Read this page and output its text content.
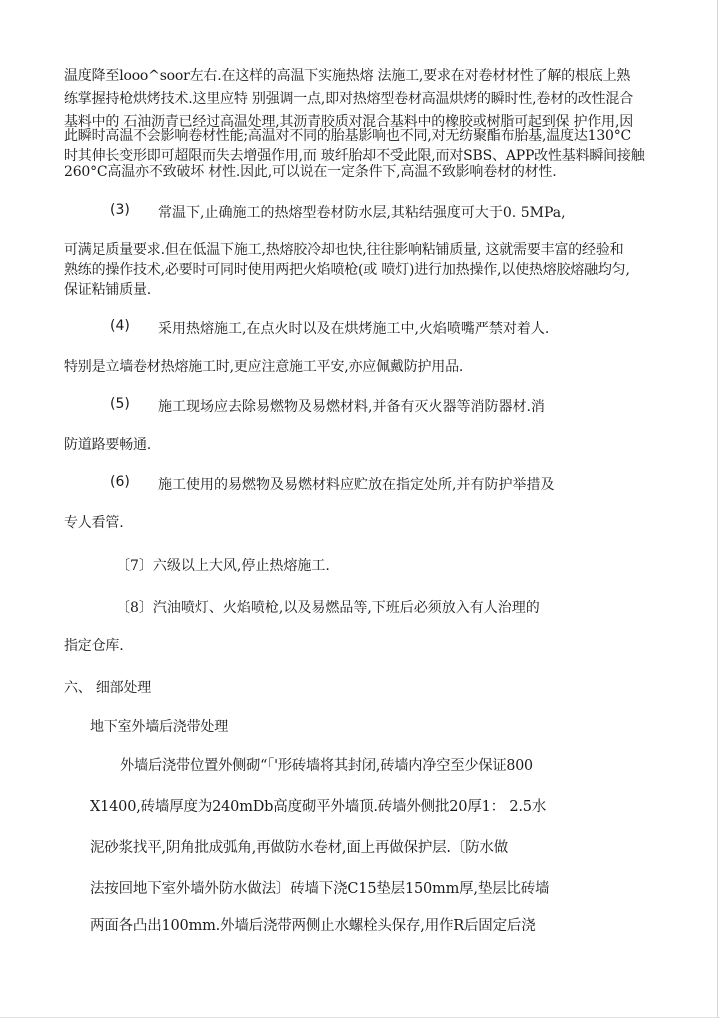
温度降至looo^soor左右.在这样的高温下实施热熔 法施工,要求在对卷材材性了解的根底上熟
练掌握持枪烘烤技术.这里应特 别强调一点,即对热熔型卷材高温烘烤的瞬时性,卷材的改性混合
基料中的 石油沥青已经过高温处理,其沥青胶质对混合基料中的橡胶或树脂可起到保 护作用,因
此瞬时高温不会影响卷材性能;高温对不同的胎基影响也不同,对无纺聚酯布胎基,温度达130°C
时其伸长变形即可超限而失去增强作用,而 玻纤胎却不受此限,而对SBS、APP改性基料瞬间接触
260°C高温亦不致破坏 材性.因此,可以说在一定条件下,高温不致影响卷材的材性.
(3) 常温下,止确施工的热熔型卷材防水层,其粘结强度可大于0. 5MPa,
可满足质量要求.但在低温下施工,热熔胶冷却也快,往往影响粘铺质量, 这就需要丰富的经验和
熟练的操作技术,必要时可同时使用两把火焰喷枪(或 喷灯)进行加热操作,以使热熔胶熔融均匀,
保证粘铺质量.
(4) 采用热熔施工,在点火时以及在烘烤施工中,火焰喷嘴严禁对着人.
特别是立墙卷材热熔施工时,更应注意施工平安,亦应佩戴防护用品.
(5) 施工现场应去除易燃物及易燃材料,并备有灭火器等消防器材.消
防道路要畅通.
(6) 施工使用的易燃物及易燃材料应贮放在指定处所,并有防护举措及
专人看管.
〔7〕六级以上大风,停止热熔施工.
〔8〕汽油喷灯、火焰喷枪,以及易燃品等,下班后必须放入有人治理的
指定仓库.
六、 细部处理
地下室外墙后浇带处理
外墙后浇带位置外侧砌“「'形砖墙将其封闭,砖墙内净空至少保证800
X1400,砖墙厚度为240mDb高度砌平外墙顶.砖墙外侧批20厚1： 2.5水
泥砂浆找平,阴角批成弧角,再做防水卷材,面上再做保护层.〔防水做
法按回地下室外墙外防水做法〕砖墙下浇C15垫层150mm厚,垫层比砖墙
两面各凸出100mm.外墙后浇带两侧止水螺栓头保存,用作R后固定后浇
